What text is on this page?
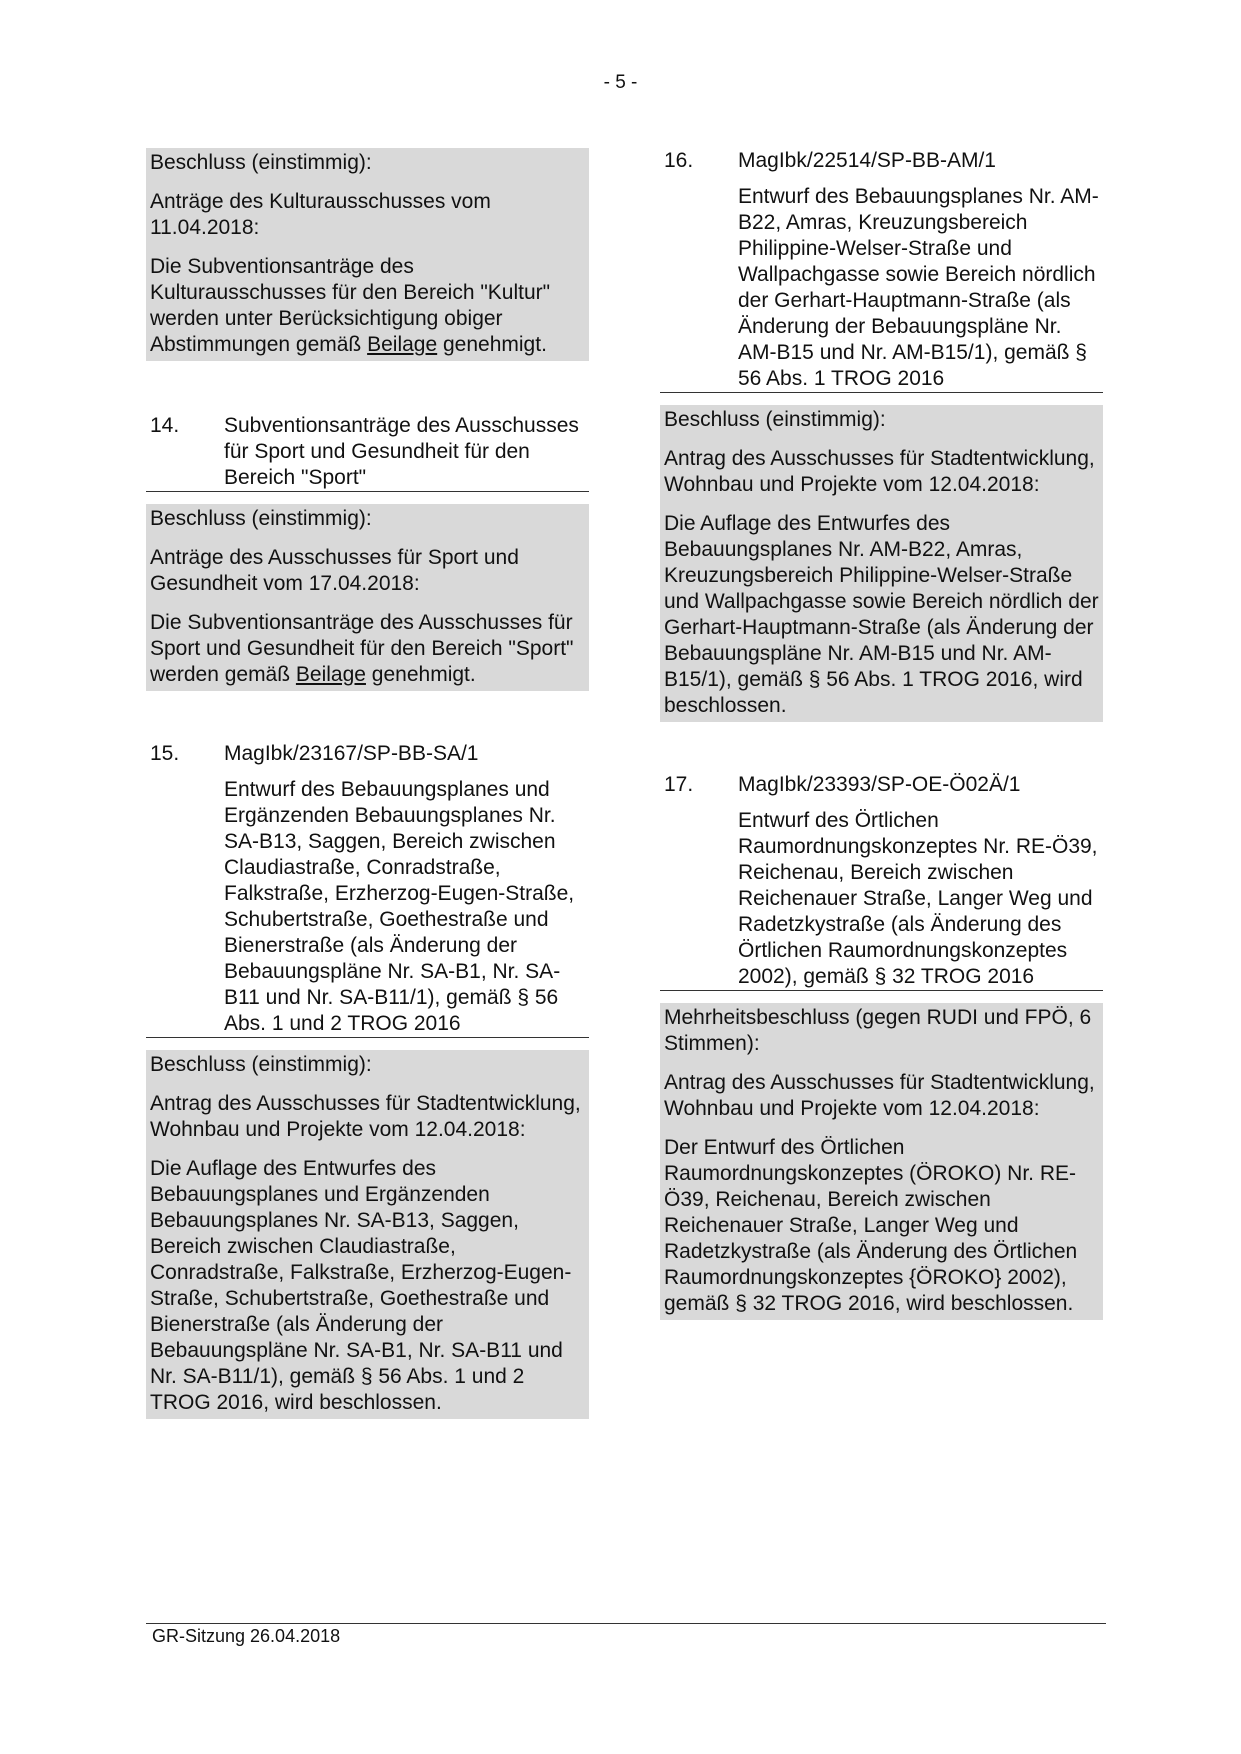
- 5 -

Beschluss (einstimmig):

Anträge des Kulturausschusses vom 11.04.2018:

Die Subventionsanträge des Kulturausschusses für den Bereich "Kultur" werden unter Berücksichtigung obiger Abstimmungen gemäß Beilage genehmigt.

14.	Subventionsanträge des Ausschusses für Sport und Gesundheit für den Bereich "Sport"

Beschluss (einstimmig):

Anträge des Ausschusses für Sport und Gesundheit vom 17.04.2018:

Die Subventionsanträge des Ausschusses für Sport und Gesundheit für den Bereich "Sport" werden gemäß Beilage genehmigt.

15.	MagIbk/23167/SP-BB-SA/1

Entwurf des Bebauungsplanes und Ergänzenden Bebauungsplanes Nr. SA-B13, Saggen, Bereich zwischen Claudiastraße, Conradstraße, Falkstraße, Erzherzog-Eugen-Straße, Schubertstraße, Goethestraße und Bienerstraße (als Änderung der Bebauungspläne Nr. SA-B1, Nr. SA-B11 und Nr. SA-B11/1), gemäß § 56 Abs. 1 und 2 TROG 2016

Beschluss (einstimmig):

Antrag des Ausschusses für Stadtentwicklung, Wohnbau und Projekte vom 12.04.2018:

Die Auflage des Entwurfes des Bebauungsplanes und Ergänzenden Bebauungsplanes Nr. SA-B13, Saggen, Bereich zwischen Claudiastraße, Conradstraße, Falkstraße, Erzherzog-Eugen-Straße, Schubertstraße, Goethestraße und Bienerstraße (als Änderung der Bebauungspläne Nr. SA-B1, Nr. SA-B11 und Nr. SA-B11/1), gemäß § 56 Abs. 1 und 2 TROG 2016, wird beschlossen.

16.	MagIbk/22514/SP-BB-AM/1

Entwurf des Bebauungsplanes Nr. AM-B22, Amras, Kreuzungsbereich Philippine-Welser-Straße und Wallpachgasse sowie Bereich nördlich der Gerhart-Hauptmann-Straße (als Änderung der Bebauungspläne Nr. AM-B15 und Nr. AM-B15/1), gemäß § 56 Abs. 1 TROG 2016

Beschluss (einstimmig):

Antrag des Ausschusses für Stadtentwicklung, Wohnbau und Projekte vom 12.04.2018:

Die Auflage des Entwurfes des Bebauungsplanes Nr. AM-B22, Amras, Kreuzungsbereich Philippine-Welser-Straße und Wallpachgasse sowie Bereich nördlich der Gerhart-Hauptmann-Straße (als Änderung der Bebauungspläne Nr. AM-B15 und Nr. AM-B15/1), gemäß § 56 Abs. 1 TROG 2016, wird beschlossen.

17.	MagIbk/23393/SP-OE-Ö02Ä/1

Entwurf des Örtlichen Raumordnungskonzeptes Nr. RE-Ö39, Reichenau, Bereich zwischen Reichenauer Straße, Langer Weg und Radetzkystraße (als Änderung des Örtlichen Raumordnungskonzeptes 2002), gemäß § 32 TROG 2016

Mehrheitsbeschluss (gegen RUDI und FPÖ, 6 Stimmen):

Antrag des Ausschusses für Stadtentwicklung, Wohnbau und Projekte vom 12.04.2018:

Der Entwurf des Örtlichen Raumordnungskonzeptes (ÖROKO) Nr. RE-Ö39, Reichenau, Bereich zwischen Reichenauer Straße, Langer Weg und Radetzkystraße (als Änderung des Örtlichen Raumordnungskonzeptes {ÖROKO} 2002), gemäß § 32 TROG 2016, wird beschlossen.

GR-Sitzung 26.04.2018
